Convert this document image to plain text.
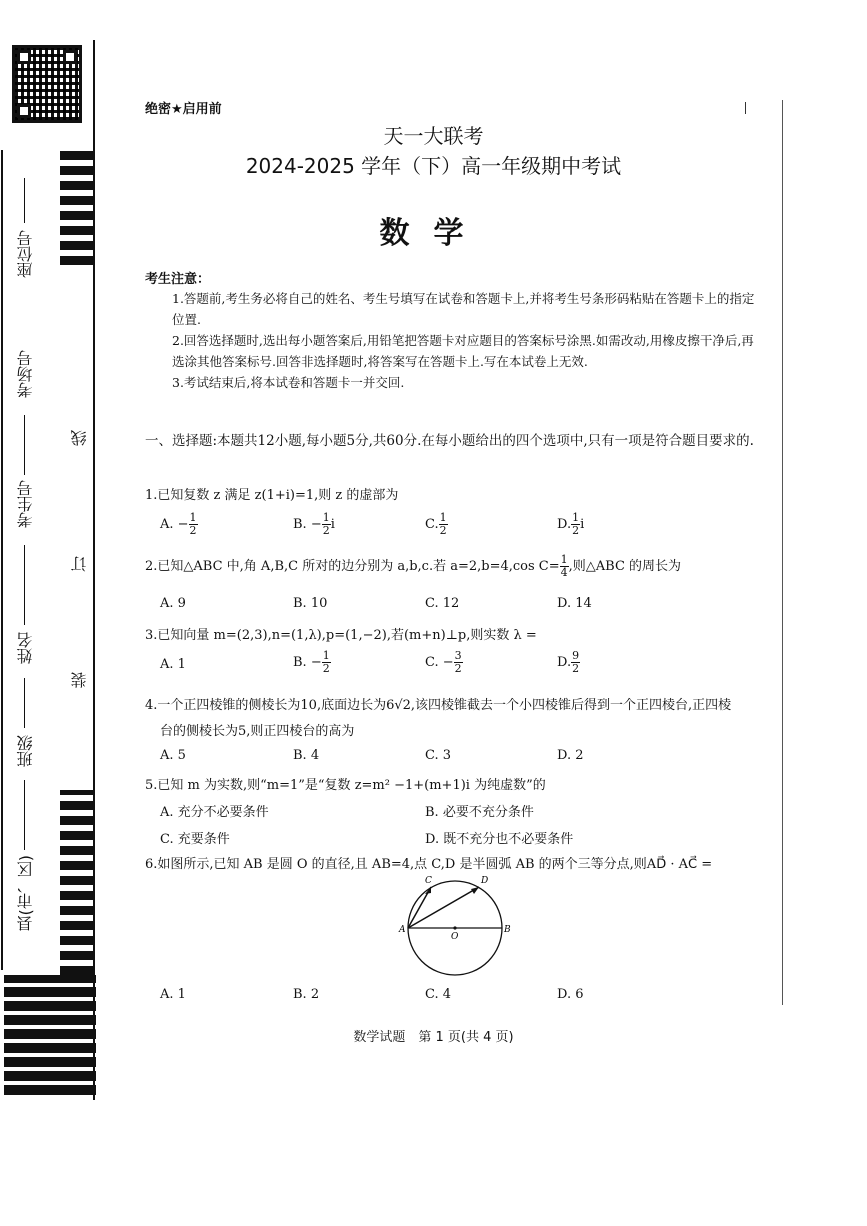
座位号
考场号
考生号
姓名
班级
县(市、区)
装
订
线
绝密★启用前
天一大联考
2024-2025 学年（下）高一年级期中考试
数学
考生注意：
1.答题前,考生务必将自己的姓名、考生号填写在试卷和答题卡上,并将考生号条形码粘贴在答题卡上的指定位置.
2.回答选择题时,选出每小题答案后,用铅笔把答题卡对应题目的答案标号涂黑.如需改动,用橡皮擦干净后,再选涂其他答案标号.回答非选择题时,将答案写在答题卡上.写在本试卷上无效.
3.考试结束后,将本试卷和答题卡一并交回.
一、选择题:本题共12小题,每小题5分,共60分.在每小题给出的四个选项中,只有一项是符合题目要求的.
1.已知复数 z 满足 z(1+i)=1,则 z 的虚部为
A. − $\frac{1}{2}$	B. − $\frac{1}{2}$ i	C. $\frac{1}{2}$	D. $\frac{1}{2}$ i
2.已知△ABC 中,角 A,B,C 所对的边分别为 a,b,c.若 a=2,b=4,cos $C= \frac{1}{4}$ ,则△ABC 的周长为
A. 9	B. 10	C. 12	D. 14
3.已知向量 m=(2,3),n=(1,λ),p=(1,−2),若(m+n)⊥p,则实数 λ =
A. 1	B. − $\frac{1}{2}$	C. − $\frac{3}{2}$	D. $\frac{9}{2}$
4.一个正四棱锥的侧棱长为10,底面边长为6√2,该四棱锥截去一个小四棱锥后得到一个正四棱台,正四棱
台的侧棱长为5,则正四棱台的高为
A. 5	B. 4	C. 3	D. 2
5.已知 m 为实数,则“m=1”是“复数 z=m² −1+(m+1)i 为纯虚数”的
A. 充分不必要条件	B. 必要不充分条件
C. 充要条件	D. 既不充分也不必要条件
6.如图所示,已知 AB 是圆 O 的直径,且 AB=4,点 C,D 是半圆弧 AB 的两个三等分点,则AD⃗ · AC⃗ =
A	B
C	D
O
A. 1	B. 2	C. 4	D. 6
数学试题　第 1 页(共 4 页)
